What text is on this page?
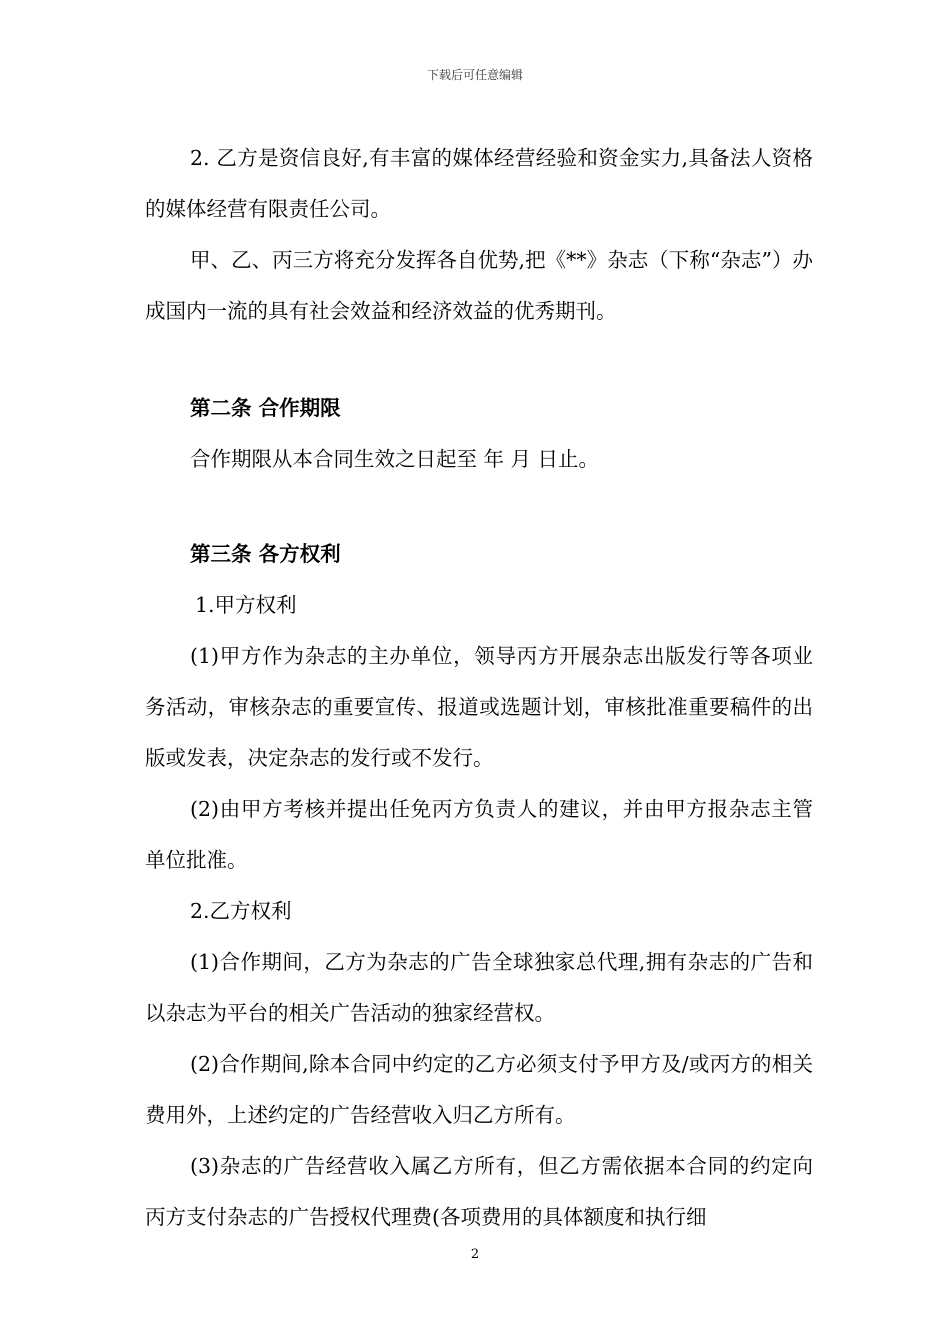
下载后可任意编辑

2. 乙方是资信良好,有丰富的媒体经营经验和资金实力,具备法人资格的媒体经营有限责任公司。

甲、乙、丙三方将充分发挥各自优势,把《**》杂志（下称“杂志”）办成国内一流的具有社会效益和经济效益的优秀期刊。

第二条 合作期限

合作期限从本合同生效之日起至 年 月 日止。

第三条 各方权利

1.甲方权利

(1)甲方作为杂志的主办单位，领导丙方开展杂志出版发行等各项业务活动，审核杂志的重要宣传、报道或选题计划，审核批准重要稿件的出版或发表，决定杂志的发行或不发行。

(2)由甲方考核并提出任免丙方负责人的建议，并由甲方报杂志主管单位批准。

2.乙方权利

(1)合作期间，乙方为杂志的广告全球独家总代理,拥有杂志的广告和以杂志为平台的相关广告活动的独家经营权。

(2)合作期间,除本合同中约定的乙方必须支付予甲方及/或丙方的相关费用外，上述约定的广告经营收入归乙方所有。

(3)杂志的广告经营收入属乙方所有，但乙方需依据本合同的约定向丙方支付杂志的广告授权代理费(各项费用的具体额度和执行细

2
